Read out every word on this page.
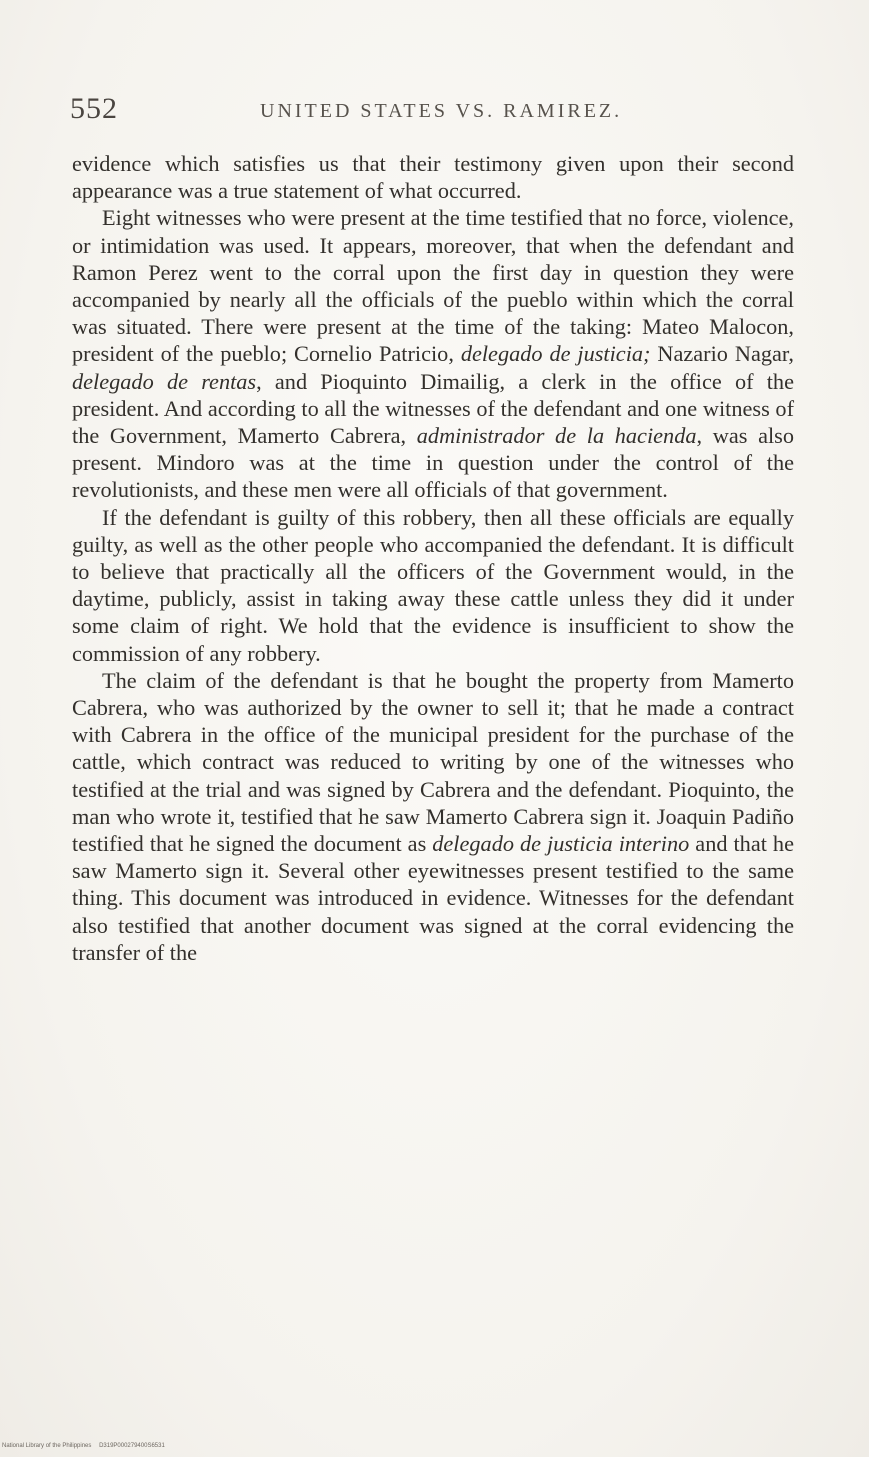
552	UNITED STATES VS. RAMIREZ.

evidence which satisfies us that their testimony given upon their second appearance was a true statement of what occurred.

Eight witnesses who were present at the time testified that no force, violence, or intimidation was used. It appears, moreover, that when the defendant and Ramon Perez went to the corral upon the first day in question they were accompanied by nearly all the officials of the pueblo within which the corral was situated. There were present at the time of the taking: Mateo Malocon, president of the pueblo; Cornelio Patricio, delegado de justicia; Nazario Nagar, delegado de rentas, and Pioquinto Dimailig, a clerk in the office of the president. And according to all the witnesses of the defendant and one witness of the Government, Mamerto Cabrera, administrador de la hacienda, was also present. Mindoro was at the time in question under the control of the revolutionists, and these men were all officials of that government.

If the defendant is guilty of this robbery, then all these officials are equally guilty, as well as the other people who accompanied the defendant. It is difficult to believe that practically all the officers of the Government would, in the daytime, publicly, assist in taking away these cattle unless they did it under some claim of right. We hold that the evidence is insufficient to show the commission of any robbery.

The claim of the defendant is that he bought the property from Mamerto Cabrera, who was authorized by the owner to sell it; that he made a contract with Cabrera in the office of the municipal president for the purchase of the cattle, which contract was reduced to writing by one of the witnesses who testified at the trial and was signed by Cabrera and the defendant. Pioquinto, the man who wrote it, testified that he saw Mamerto Cabrera sign it. Joaquin Padiño testified that he signed the document as delegado de justicia interino and that he saw Mamerto sign it. Several other eyewitnesses present testified to the same thing. This document was introduced in evidence. Witnesses for the defendant also testified that another document was signed at the corral evidencing the transfer of the

National Library of the Philippines D319P000279400S6531
